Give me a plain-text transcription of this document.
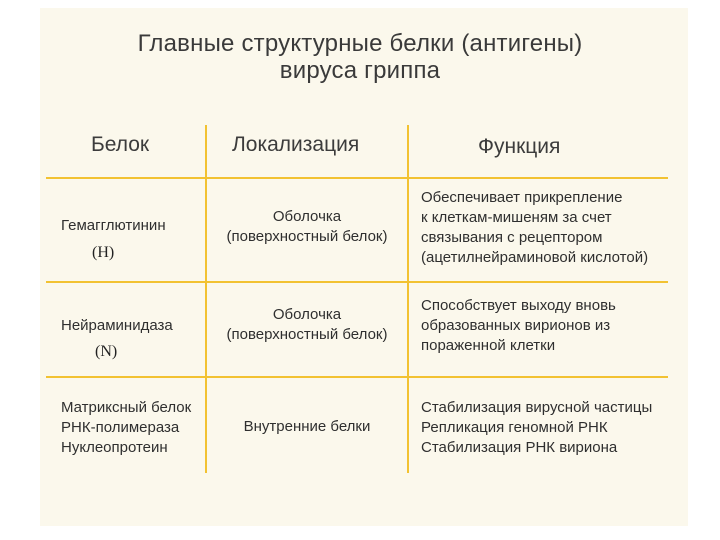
Главные структурные белки (антигены)
вируса гриппа
Белок	Локализация	Функция
Гемагглютинин
(H)
Оболочка
(поверхностный белок)
Обеспечивает прикрепление
к клеткам-мишеням за счет
связывания с рецептором
(ацетилнейраминовой кислотой)
Нейраминидаза
(N)
Оболочка
(поверхностный белок)
Способствует выходу вновь
образованных вирионов из
пораженной клетки
Матриксный белок
РНК-полимераза
Нуклеопротеин
Внутренние белки
Стабилизация вирусной частицы
Репликация геномной РНК
Стабилизация РНК вириона
